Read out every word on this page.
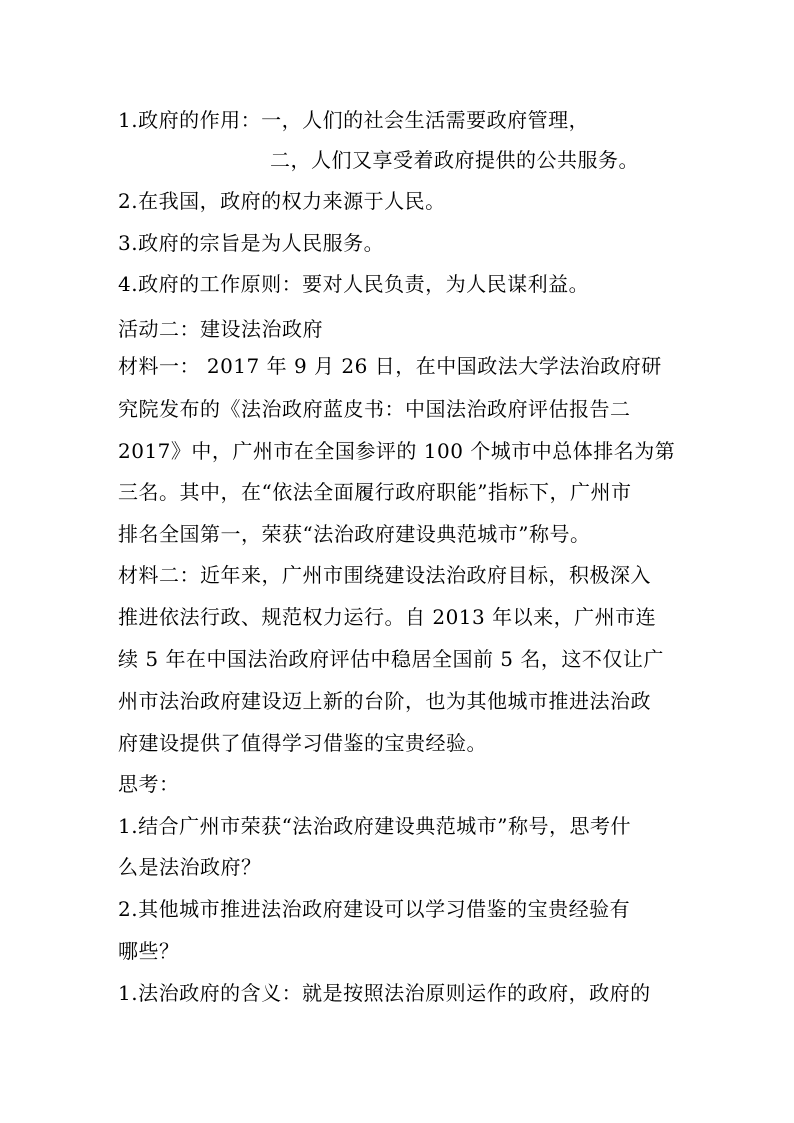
1.政府的作用：一，人们的社会生活需要政府管理，
二，人们又享受着政府提供的公共服务。
2.在我国，政府的权力来源于人民。
3.政府的宗旨是为人民服务。
4.政府的工作原则：要对人民负责，为人民谋利益。
活动二：建设法治政府
材料一： 2017 年 9 月 26 日，在中国政法大学法治政府研
究院发布的《法治政府蓝皮书：中国法治政府评估报告二
2017》中，广州市在全国参评的 100 个城市中总体排名为第
三名。其中，在“依法全面履行政府职能”指标下，广州市
排名全国第一，荣获“法治政府建设典范城市”称号。
材料二：近年来，广州市围绕建设法治政府目标，积极深入
推进依法行政、规范权力运行。自 2013 年以来，广州市连
续 5 年在中国法治政府评估中稳居全国前 5 名，这不仅让广
州市法治政府建设迈上新的台阶，也为其他城市推进法治政
府建设提供了值得学习借鉴的宝贵经验。
思考：
1.结合广州市荣获“法治政府建设典范城市”称号，思考什
么是法治政府？
2.其他城市推进法治政府建设可以学习借鉴的宝贵经验有
哪些？
1.法治政府的含义：就是按照法治原则运作的政府，政府的
